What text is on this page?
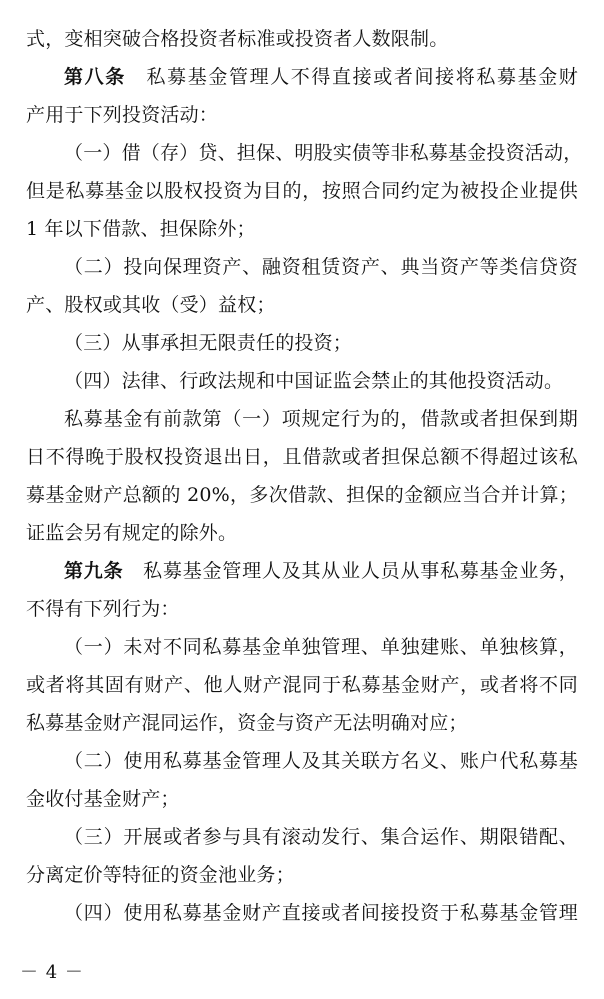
式，变相突破合格投资者标准或投资者人数限制。
第八条　 私募基金管理人不得直接或者间接将私募基金财
产用于下列投资活动：
（一）借（存）贷、担保、明股实债等非私募基金投资活动，
但是私募基金以股权投资为目的，按照合同约定为被投企业提供
1 年以下借款、担保除外；
（二）投向保理资产、融资租赁资产、典当资产等类信贷资
产、股权或其收（受）益权；
（三）从事承担无限责任的投资；
（四）法律、行政法规和中国证监会禁止的其他投资活动。
私募基金有前款第（一）项规定行为的，借款或者担保到期
日不得晚于股权投资退出日，且借款或者担保总额不得超过该私
募基金财产总额的 20%，多次借款、担保的金额应当合并计算；
证监会另有规定的除外。
第九条　 私募基金管理人及其从业人员从事私募基金业务，
不得有下列行为：
（一）未对不同私募基金单独管理、单独建账、单独核算，
或者将其固有财产、他人财产混同于私募基金财产，或者将不同
私募基金财产混同运作，资金与资产无法明确对应；
（二）使用私募基金管理人及其关联方名义、账户代私募基
金收付基金财产；
（三）开展或者参与具有滚动发行、集合运作、期限错配、
分离定价等特征的资金池业务；
（四）使用私募基金财产直接或者间接投资于私募基金管理
－ 4 －
